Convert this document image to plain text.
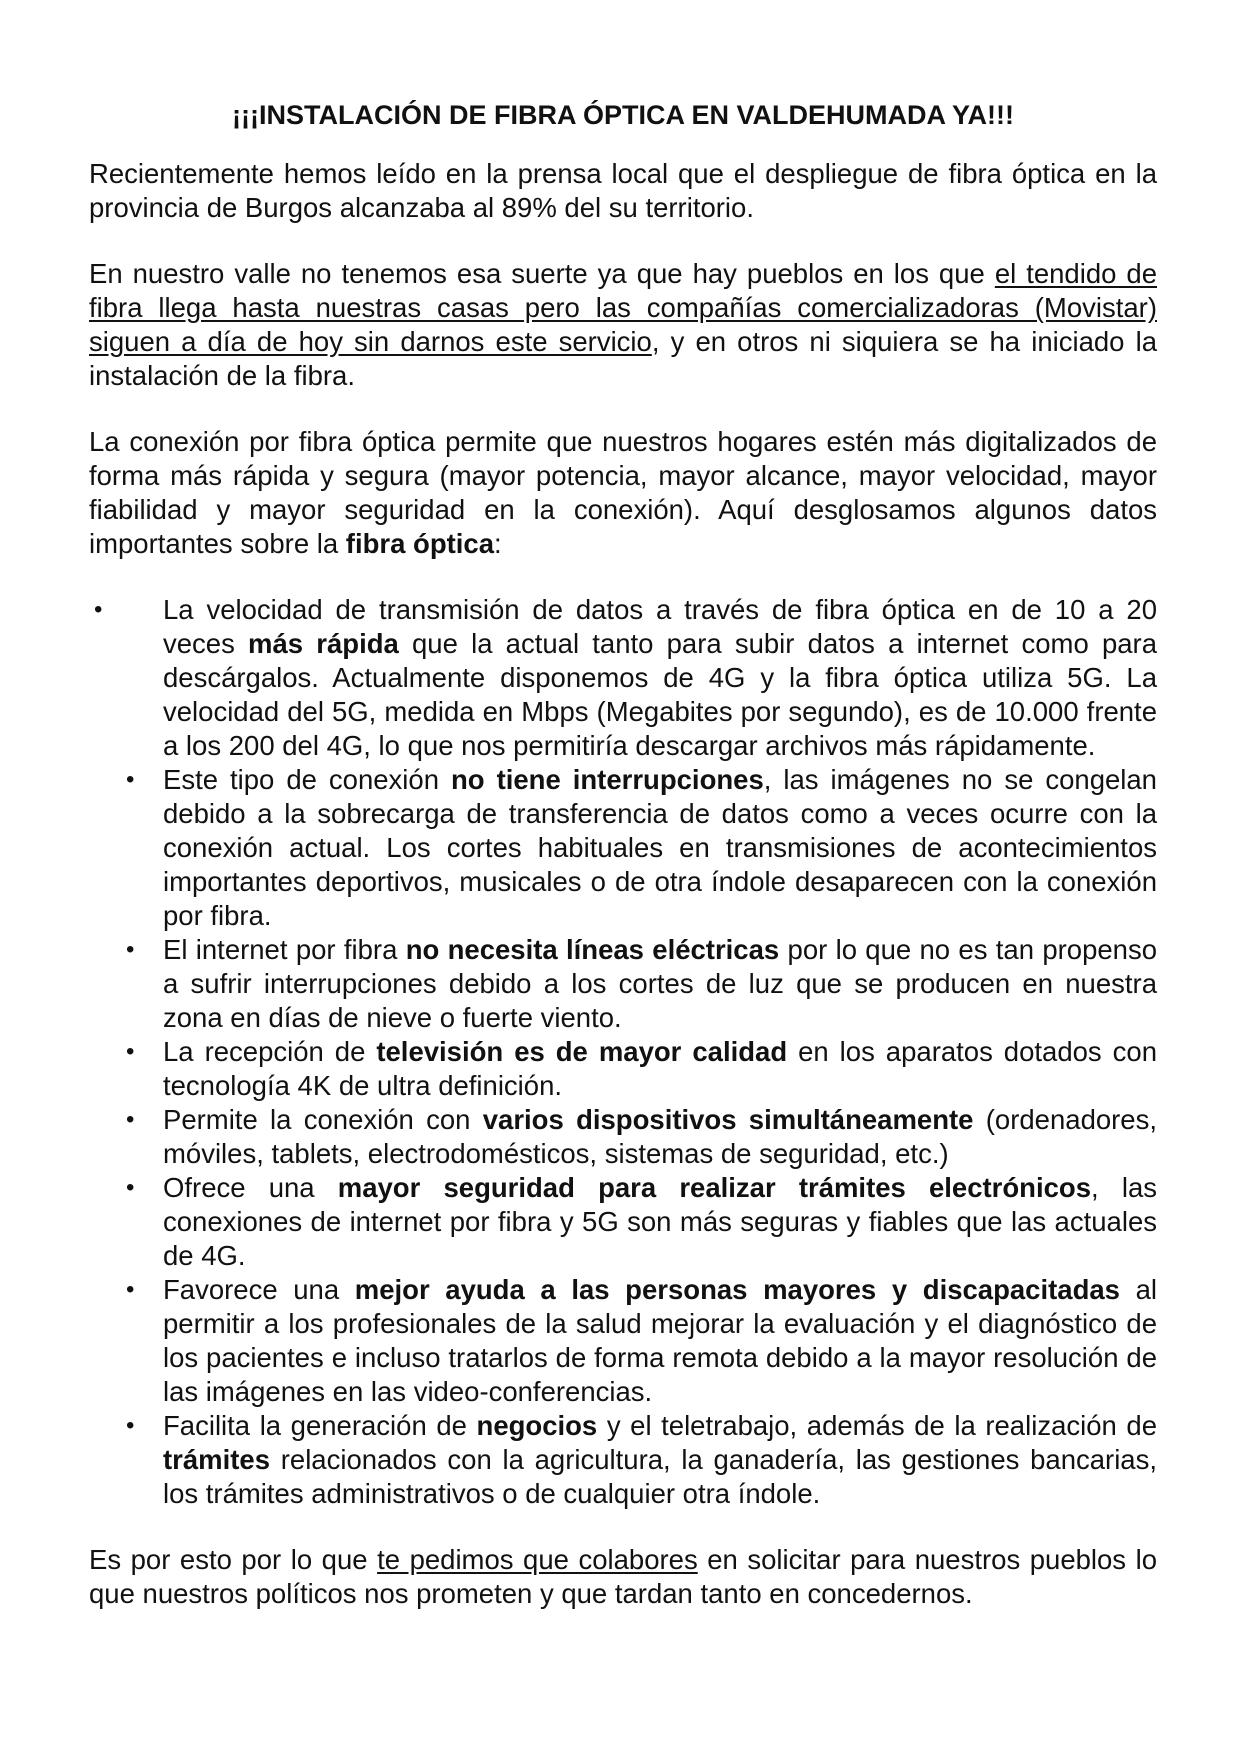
¡¡¡INSTALACIÓN DE FIBRA ÓPTICA EN VALDEHUMADA YA!!!

Recientemente hemos leído en la prensa local que el despliegue de fibra óptica en la provincia de Burgos alcanzaba al 89% del su territorio.

En nuestro valle no tenemos esa suerte ya que hay pueblos en los que el tendido de fibra llega hasta nuestras casas pero las compañías comercializadoras (Movistar) siguen a día de hoy sin darnos este servicio, y en otros ni siquiera se ha iniciado la instalación de la fibra.

La conexión por fibra óptica permite que nuestros hogares estén más digitalizados de forma más rápida y segura (mayor potencia, mayor alcance, mayor velocidad, mayor fiabilidad y mayor seguridad en la conexión). Aquí desglosamos algunos datos importantes sobre la fibra óptica:

• La velocidad de transmisión de datos a través de fibra óptica en de 10 a 20 veces más rápida que la actual tanto para subir datos a internet como para descárgalos. Actualmente disponemos de 4G y la fibra óptica utiliza 5G. La velocidad del 5G, medida en Mbps (Megabites por segundo), es de 10.000 frente a los 200 del 4G, lo que nos permitiría descargar archivos más rápidamente.
• Este tipo de conexión no tiene interrupciones, las imágenes no se congelan debido a la sobrecarga de transferencia de datos como a veces ocurre con la conexión actual. Los cortes habituales en transmisiones de acontecimientos importantes deportivos, musicales o de otra índole desaparecen con la conexión por fibra.
• El internet por fibra no necesita líneas eléctricas por lo que no es tan propenso a sufrir interrupciones debido a los cortes de luz que se producen en nuestra zona en días de nieve o fuerte viento.
• La recepción de televisión es de mayor calidad en los aparatos dotados con tecnología 4K de ultra definición.
• Permite la conexión con varios dispositivos simultáneamente (ordenadores, móviles, tablets, electrodomésticos, sistemas de seguridad, etc.)
• Ofrece una mayor seguridad para realizar trámites electrónicos, las conexiones de internet por fibra y 5G son más seguras y fiables que las actuales de 4G.
• Favorece una mejor ayuda a las personas mayores y discapacitadas al permitir a los profesionales de la salud mejorar la evaluación y el diagnóstico de los pacientes e incluso tratarlos de forma remota debido a la mayor resolución de las imágenes en las video-conferencias.
• Facilita la generación de negocios y el teletrabajo, además de la realización de trámites relacionados con la agricultura, la ganadería, las gestiones bancarias, los trámites administrativos o de cualquier otra índole.

Es por esto por lo que te pedimos que colabores en solicitar para nuestros pueblos lo que nuestros políticos nos prometen y que tardan tanto en concedernos.
